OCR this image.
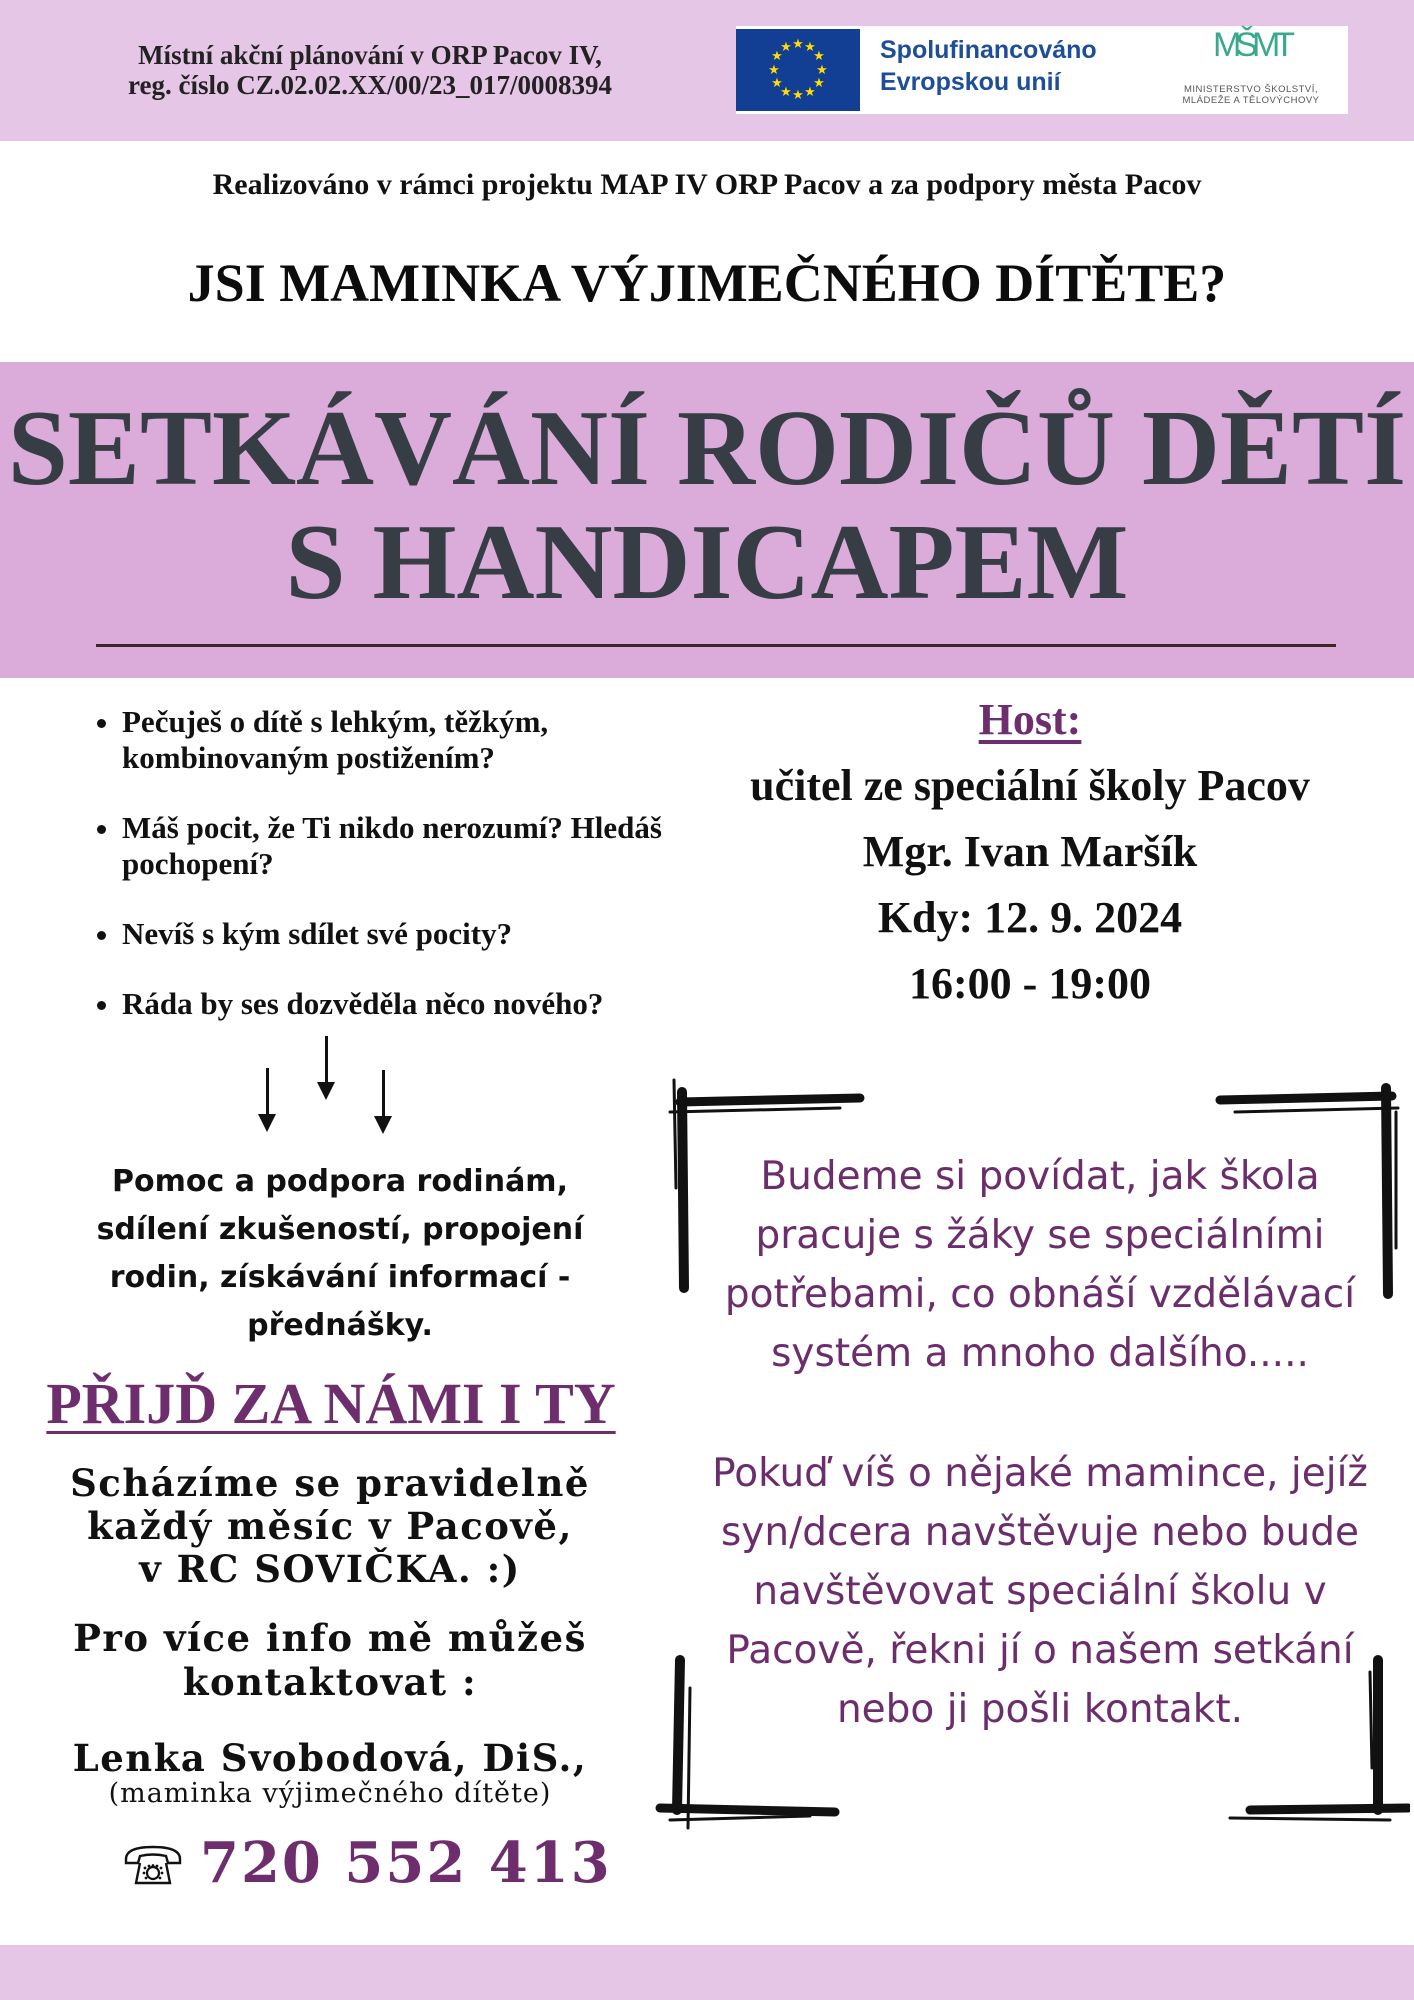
Místní akční plánování v ORP Pacov IV,
reg. číslo CZ.02.02.XX/00/23_017/0008394
★ ★
★
★
★
★
★
★
★
★
★
★	Spolufinancováno
Evropskou unií
MŠMT
MINISTERSTVO ŠKOLSTVÍ,
MLÁDEŽE A TĚLOVÝCHOVY
Realizováno v rámci projektu MAP IV ORP Pacov a za podpory města Pacov
JSI MAMINKA VÝJIMEČNÉHO DÍTĚTE?
SETKÁVÁNÍ RODIČŮ DĚTÍ
S HANDICAPEM
• Pečuješ o dítě s lehkým, těžkým, kombinovaným postižením?
• Máš pocit, že Ti nikdo nerozumí? Hledáš pochopení?
• Nevíš s kým sdílet své pocity?
• Ráda by ses dozvěděla něco nového?
Pomoc a podpora rodinám, sdílení zkušeností, propojení rodin, získávání informací - přednášky.
PŘIJĎ ZA NÁMI I TY
Scházíme se pravidelně
každý měsíc v Pacově,
v RC SOVIČKA. :)
Pro více info mě můžeš
kontaktovat :
Lenka Svobodová, DiS.,
(maminka výjimečného dítěte)
720 552 413
Host:
učitel ze speciální školy Pacov
Mgr. Ivan Maršík
Kdy: 12. 9. 2024
16:00 - 19:00
Budeme si povídat, jak škola pracuje s žáky se speciálními potřebami, co obnáší vzdělávací systém a mnoho dalšího.....
Pokuď víš o nějaké mamince, jejíž syn/dcera navštěvuje nebo bude navštěvovat speciální školu v Pacově, řekni jí o našem setkání nebo ji pošli kontakt.
